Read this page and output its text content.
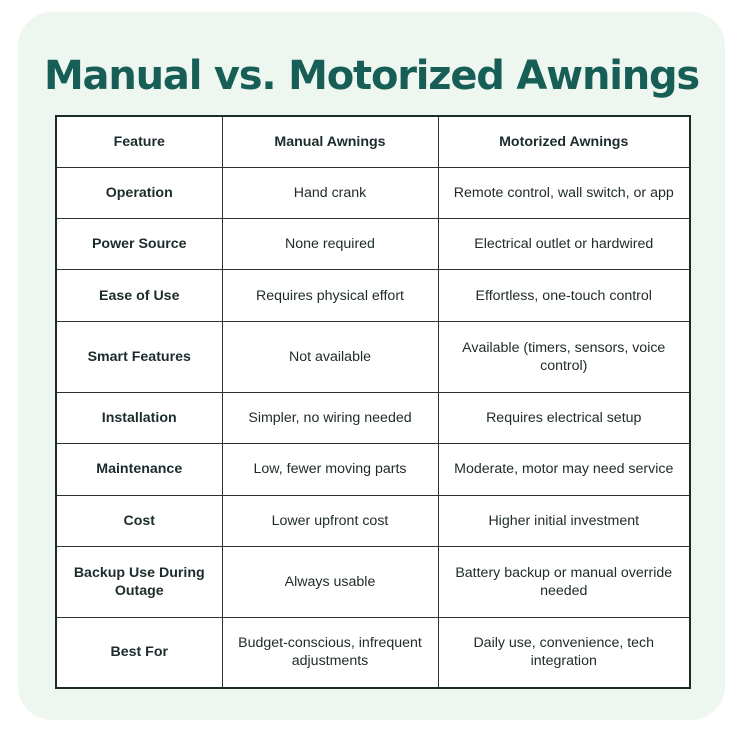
Manual vs. Motorized Awnings
Feature	Manual Awnings	Motorized Awnings
Operation	Hand crank	Remote control, wall switch, or app
Power Source	None required	Electrical outlet or hardwired
Ease of Use	Requires physical effort	Effortless, one-touch control
Smart Features	Not available	Available (timers, sensors, voice control)
Installation	Simpler, no wiring needed	Requires electrical setup
Maintenance	Low, fewer moving parts	Moderate, motor may need service
Cost	Lower upfront cost	Higher initial investment
Backup Use During Outage	Always usable	Battery backup or manual override needed
Best For	Budget-conscious, infrequent adjustments	Daily use, convenience, tech integration
